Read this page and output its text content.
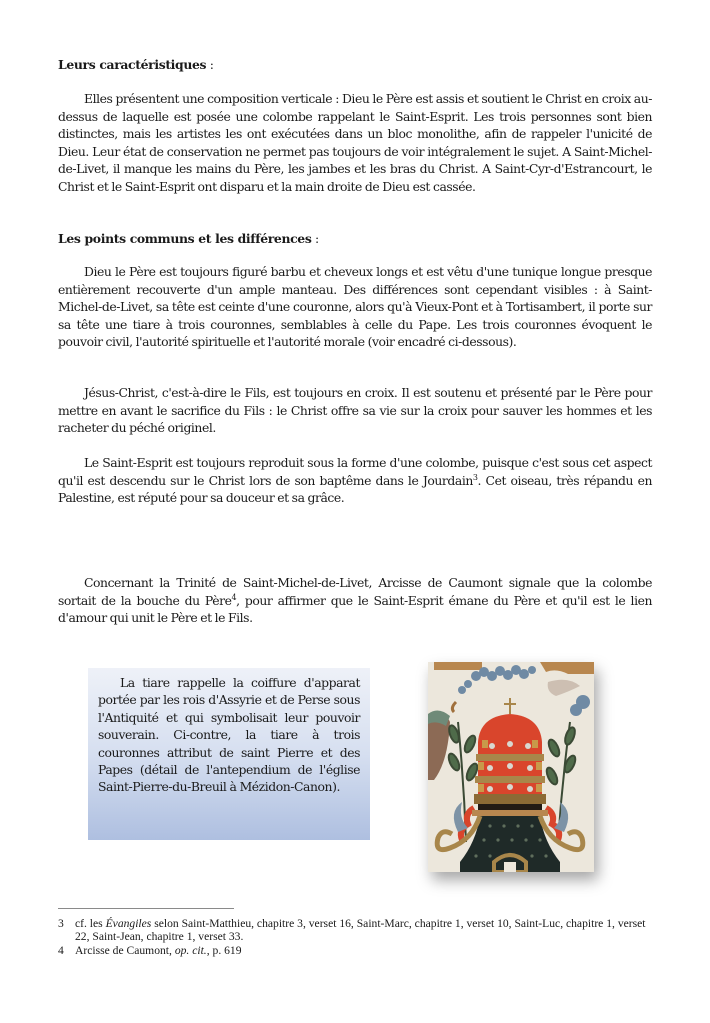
Leurs caractéristiques :

Elles présentent une composition verticale : Dieu le Père est assis et soutient le Christ en croix au-dessus de laquelle est posée une colombe rappelant le Saint-Esprit. Les trois personnes sont bien distinctes, mais les artistes les ont exécutées dans un bloc monolithe, afin de rappeler l'unicité de Dieu. Leur état de conservation ne permet pas toujours de voir intégralement le sujet. A Saint-Michel-de-Livet, il manque les mains du Père, les jambes et les bras du Christ. A Saint-Cyr-d'Estrancourt, le Christ et le Saint-Esprit ont disparu et la main droite de Dieu est cassée.

Les points communs et les différences :

Dieu le Père est toujours figuré barbu et cheveux longs et est vêtu d'une tunique longue presque entièrement recouverte d'un ample manteau. Des différences sont cependant visibles : à Saint-Michel-de-Livet, sa tête est ceinte d'une couronne, alors qu'à Vieux-Pont et à Tortisambert, il porte sur sa tête une tiare à trois couronnes, semblables à celle du Pape. Les trois couronnes évoquent le pouvoir civil, l'autorité spirituelle et l'autorité morale (voir encadré ci-dessous).

Jésus-Christ, c'est-à-dire le Fils, est toujours en croix. Il est soutenu et présenté par le Père pour mettre en avant le sacrifice du Fils : le Christ offre sa vie sur la croix pour sauver les hommes et les racheter du péché originel.

Le Saint-Esprit est toujours reproduit sous la forme d'une colombe, puisque c'est sous cet aspect qu'il est descendu sur le Christ lors de son baptême dans le Jourdain$^3$. Cet oiseau, très répandu en Palestine, est réputé pour sa douceur et sa grâce.

Concernant la Trinité de Saint-Michel-de-Livet, Arcisse de Caumont signale que la colombe sortait de la bouche du Père$^4$, pour affirmer que le Saint-Esprit émane du Père et qu'il est le lien d'amour qui unit le Père et le Fils.

La tiare rappelle la coiffure d'apparat portée par les rois d'Assyrie et de Perse sous l'Antiquité et qui symbolisait leur pouvoir souverain. Ci-contre, la tiare à trois couronnes attribut de saint Pierre et des Papes (détail de l'antependium de l'église Saint-Pierre-du-Breuil à Mézidon-Canon).

3 cf. les Évangiles selon Saint-Matthieu, chapitre 3, verset 16, Saint-Marc, chapitre 1, verset 10, Saint-Luc, chapitre 1, verset 22, Saint-Jean, chapitre 1, verset 33.
4 Arcisse de Caumont, op. cit., p. 619
